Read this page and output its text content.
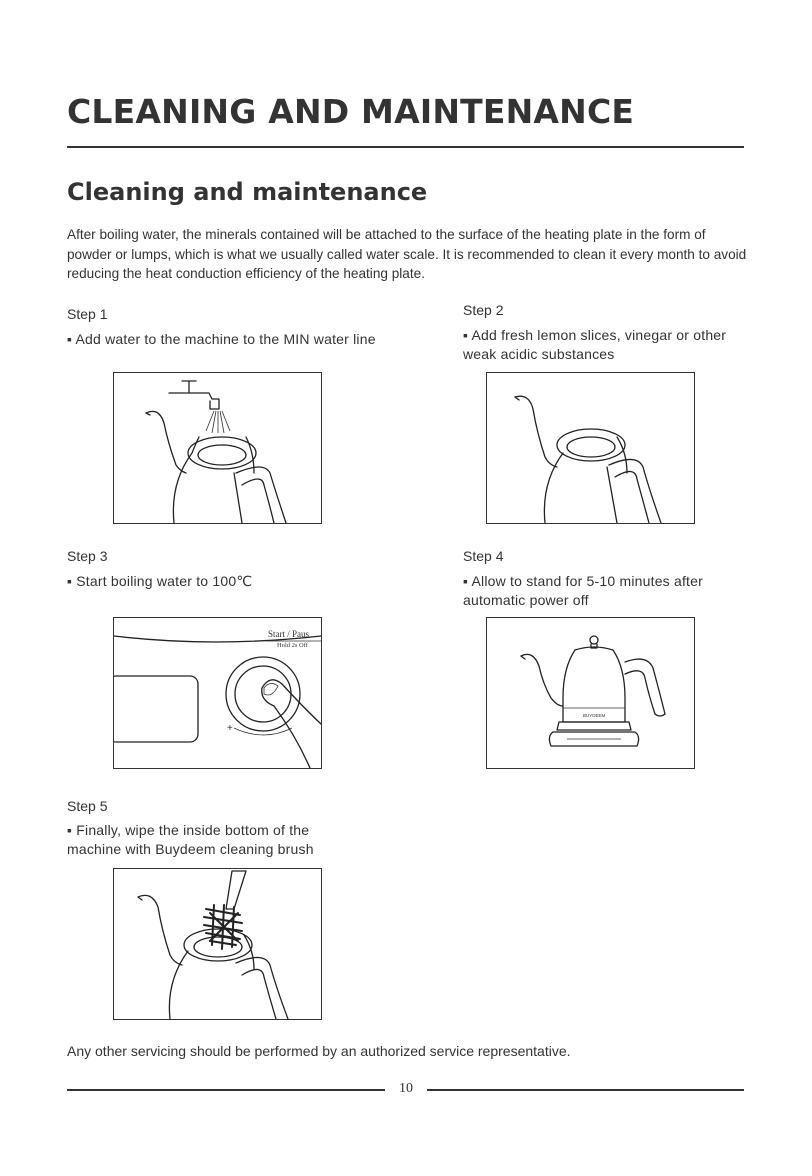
CLEANING AND MAINTENANCE
Cleaning and maintenance

After boiling water, the minerals contained will be attached to the surface of the heating plate in the form of powder or lumps, which is what we usually called water scale. It is recommended to clean it every month to avoid reducing the heat conduction efficiency of the heating plate.

Step 1

▪ Add water to the machine to the MIN water line

Step 2

▪ Add fresh lemon slices, vinegar or other weak acidic substances

Step 3

▪ Start boiling water to 100℃

Start / Paus
Hold 2s Off
+

Step 4

▪ Allow to stand for 5-10 minutes after automatic power off

BUYDEEM

Step 5

▪ Finally, wipe the inside bottom of the machine with Buydeem cleaning brush

Any other servicing should be performed by an authorized service representative.

10
